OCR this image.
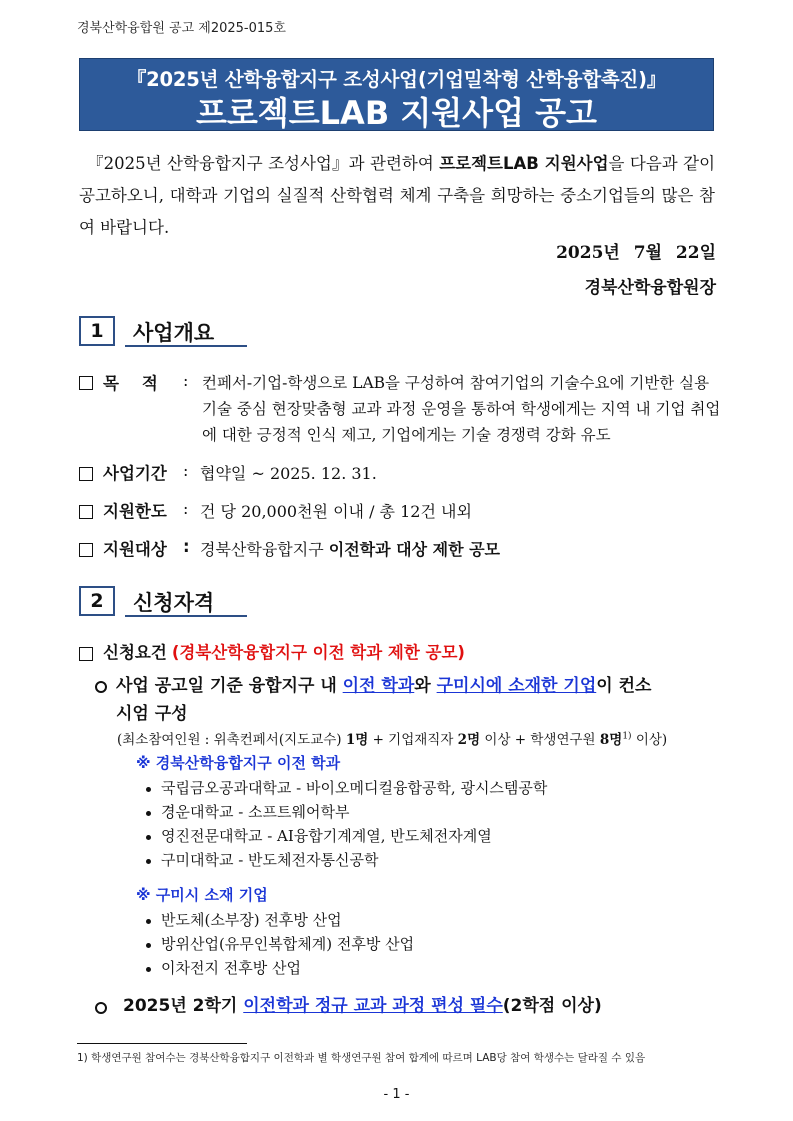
경북산학융합원 공고 제2025-015호
『2025년 산학융합지구 조성사업(기업밀착형 산학융합촉진)』
프로젝트LAB 지원사업 공고
『2025년 산학융합지구 조성사업』과 관련하여 프로젝트LAB 지원사업을 다음과 같이 공고하오니, 대학과 기업의 실질적 산학협력 체계 구축을 희망하는 중소기업들의 많은 참여 바랍니다.
2025년 7월 22일
경북산학융합원장
1	사업개요
목    적 : 컨페서-기업-학생으로 LAB을 구성하여 참여기업의 기술수요에 기반한 실용기술 중심 현장맞춤형 교과 과정 운영을 통하여 학생에게는 지역 내 기업 취업에 대한 긍정적 인식 제고, 기업에게는 기술 경쟁력 강화 유도
사업기간 : 협약일 ~ 2025. 12. 31.
지원한도 : 건 당 20,000천원 이내 / 총 12건 내외
지원대상 : 경북산학융합지구 이전학과 대상 제한 공모
2	신청자격
신청요건 (경북산학융합지구 이전 학과 제한 공모)
사업 공고일 기준 융합지구 내 이전 학과와 구미시에 소재한 기업이 컨소
시엄 구성
(최소참여인원 : 위촉컨페서(지도교수) 1명 + 기업재직자 2명 이상 + 학생연구원 8명$^{1)}$ 이상)
※ 경북산학융합지구 이전 학과
국립금오공과대학교 - 바이오메디컬융합공학, 광시스템공학
경운대학교 - 소프트웨어학부
영진전문대학교 - AI융합기계계열, 반도체전자계열
구미대학교 - 반도체전자통신공학
※ 구미시 소재 기업
반도체(소부장) 전후방 산업
방위산업(유무인복합체계) 전후방 산업
이차전지 전후방 산업
2025년 2학기 이전학과 정규 교과 과정 편성 필수(2학점 이상)
1) 학생연구원 참여수는 경북산학융합지구 이전학과 별 학생연구원 참여 합계에 따르며 LAB당 참여 학생수는 달라질 수 있음
- 1 -
